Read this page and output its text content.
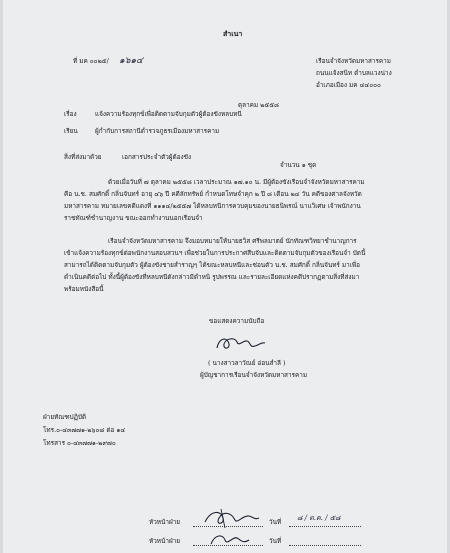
สำเนา
ที่ มค ๐๐๒๕/ ๑๖๑๔	เรือนจำจังหวัดมหาสารคาม
ถนนแจ้งสนิท ตำบลแวงน่าง
อำเภอเมือง มค ๔๔๐๐๐
ตุลาคม ๒๕๕๘
เรื่อง	แจ้งความร้องทุกข์เพื่อติดตามจับกุมตัวผู้ต้องขังหลบหนี
เรียน	ผู้กำกับการสถานีตำรวจภูธรเมืองมหาสารคาม
สิ่งที่ส่งมาด้วย	เอกสารประจำตัวผู้ต้องขัง
จำนวน ๑ ชุด
ด้วยเมื่อวันที่ ๗ ตุลาคม ๒๕๕๘ เวลาประมาณ ๑๗.๑๐ น. มีผู้ต้องขังเรือนจำจังหวัดมหาสารคาม
คือ น.ช. สมศักดิ์ กลิ่นจันทร์ อายุ ๔๖ ปี คดีลักทรัพย์ กำหนดโทษจำคุก ๒ ปี ๘ เดือน ๒๔ วัน คดีของศาลจังหวัด
มหาสารคาม หมายเลขคดีแดงที่ ๑๑๑๔/๒๕๕๗ ได้หลบหนีการควบคุมของนายธนิพรณ์ นาแวิเศษ เจ้าพนักงาน
ราชทัณฑ์ชำนาญงาน ขณะออกทำงานนอกเรือนจำ
เรือนจำจังหวัดมหาสารคาม จึงมอบหมายให้นายธวิส ศรีพลมาตย์ นักทัณฑวิทยาชำนาญการ
เข้าแจ้งความร้องทุกข์ต่อพนักงานสอบสวนฯ เพื่อช่วยในการประกาศสืบจับและติดตามจับกุมตัวของเรือนจำ บัดนี้
สามารถได้ติดตามจับกุมตัว ผู้ต้องขังชายสำราญๆ ได้ขณะหลบหนีและซ่อนตัว น.ช. สมศักดิ์ กลิ่นจันทร์ มาเพื่อ
ดำเนินคดีต่อไป ทั้งนี้ผู้ต้องขังที่หลบหนีดังกล่าวมีตำหนิ รูปพรรณ และรายละเอียดแห่งคดีปรากฏตามสิ่งที่ส่งมา
พร้อมหนังสือนี้
ขอแสดงความนับถือ
( นางสาวลาวัณย์ อ่อนสำลี )
ผู้บัญชาการเรือนจำจังหวัดมหาสารคาม
ฝ่ายทัณฑปฏิบัติ
โทร.๐-๔๓๗๗๑-๒๖๐๘ ต่อ ๑๔
โทรสาร ๐-๔๓๗๗๑-๒๙๗๐
หัวหน้าฝ่าย	วันที่ ๘ / ต.ค. / ๕๘
หัวหน้าฝ่าย	วันที่
